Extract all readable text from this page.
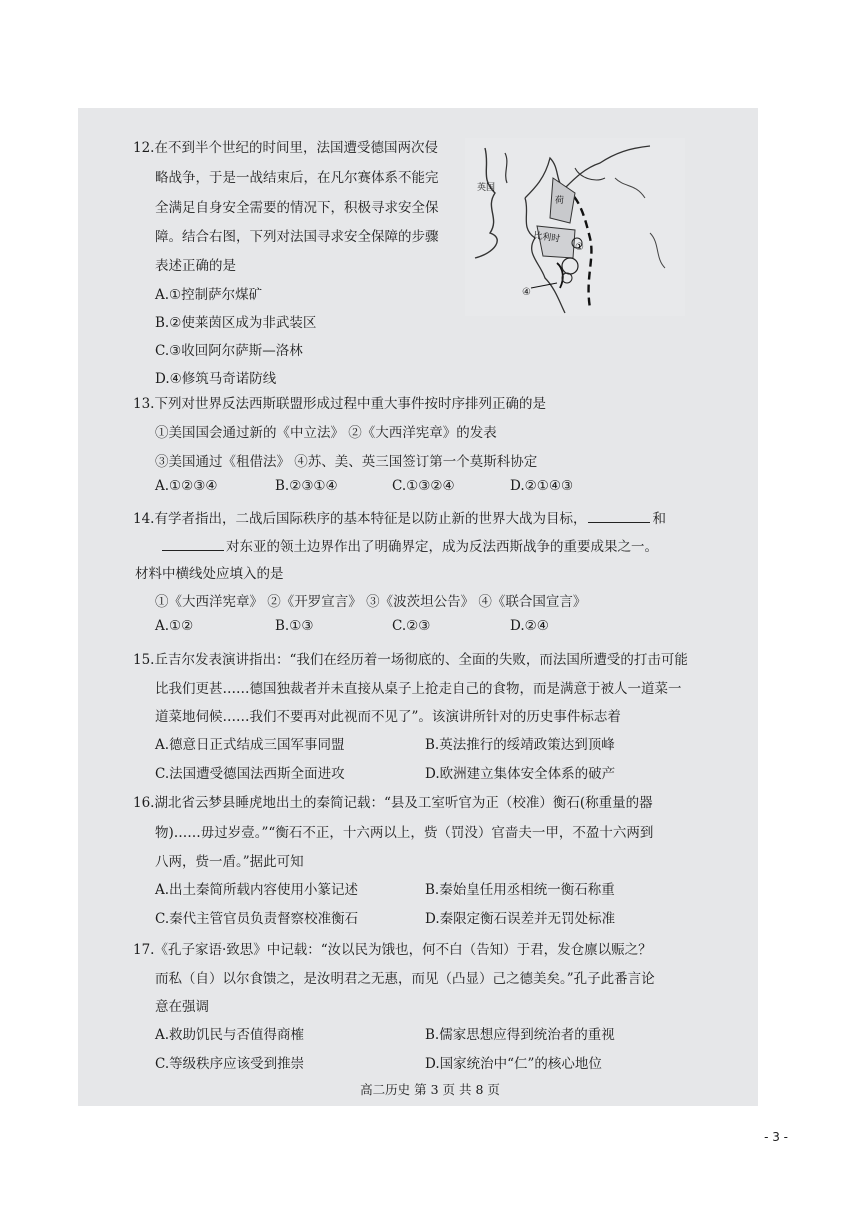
12.在不到半个世纪的时间里，法国遭受德国两次侵
略战争，于是一战结束后，在凡尔赛体系不能完
全满足自身安全需要的情况下，积极寻求安全保
障。结合右图，下列对法国寻求安全保障的步骤
表述正确的是
A.①控制萨尔煤矿
B.②使莱茵区成为非武装区
C.③收回阿尔萨斯—洛林
D.④修筑马奇诺防线
英国
荷
比利时
①
④
13.下列对世界反法西斯联盟形成过程中重大事件按时序排列正确的是
①美国国会通过新的《中立法》 ②《大西洋宪章》的发表
③美国通过《租借法》 ④苏、美、英三国签订第一个莫斯科协定
A.①②③④	B.②③①④	C.①③②④	D.②①④③
14.有学者指出，二战后国际秩序的基本特征是以防止新的世界大战为目标，	和
对东亚的领土边界作出了明确界定，成为反法西斯战争的重要成果之一。
材料中横线处应填入的是
①《大西洋宪章》 ②《开罗宣言》 ③《波茨坦公告》 ④《联合国宣言》
A.①②	B.①③	C.②③	D.②④
15.丘吉尔发表演讲指出：“我们在经历着一场彻底的、全面的失败，而法国所遭受的打击可能
比我们更甚……德国独裁者并未直接从桌子上抢走自己的食物，而是满意于被人一道菜一
道菜地伺候……我们不要再对此视而不见了”。该演讲所针对的历史事件标志着
A.德意日正式结成三国军事同盟	B.英法推行的绥靖政策达到顶峰
C.法国遭受德国法西斯全面进攻	D.欧洲建立集体安全体系的破产
16.湖北省云梦县睡虎地出土的秦简记载：“县及工室听官为正（校准）衡石(称重量的器
物)……毋过岁壹。”“衡石不正，十六两以上，赀（罚没）官啬夫一甲，不盈十六两到
八两，赀一盾。”据此可知
A.出土秦简所载内容使用小篆记述	B.秦始皇任用丞相统一衡石称重
C.秦代主管官员负责督察校准衡石	D.秦限定衡石误差并无罚处标准
17.《孔子家语·致思》中记载：“汝以民为饿也，何不白（告知）于君，发仓廪以赈之？
而私（自）以尔食馈之，是汝明君之无惠，而见（凸显）己之德美矣。”孔子此番言论
意在强调
A.救助饥民与否值得商榷	B.儒家思想应得到统治者的重视
C.等级秩序应该受到推崇	D.国家统治中“仁”的核心地位
高二历史 第 3 页 共 8 页
- 3 -
